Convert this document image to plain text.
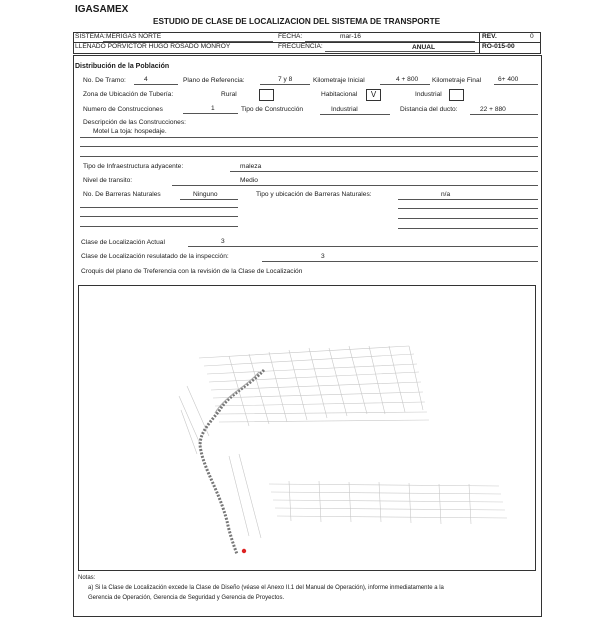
IGASAMEX
ESTUDIO DE CLASE DE LOCALIZACION DEL SISTEMA DE TRANSPORTE
SISTEMA: MERIGAS NORTE	FECHA:	mar-16	REV.	0
LLENADO POR:
VICTOR HUGO ROSADO MONROY	FRECUENCIA:	ANUAL	RO-015-00
Distribución de la Población
No. De Tramo:	4	Plano de Referencia:	7 y 8	Kilometraje Inicial	4 + 800 Kilometraje Final	6+ 400
Zona de Ubicación de Tubería:	Rural	Habitacional	V	Industrial
Numero de Construcciones	1	Tipo de Construcción	Industrial	Distancia del ducto:	22 + 880
Descripción de las Construcciones:
Motel La toja: hospedaje.
Tipo de Infraestructura adyacente:	maleza
Nivel de transito:	Medio
No. De Barreras Naturales	Ninguno	Tipo y ubicación de Barreras Naturales:	n/a
Clase de Localización Actual	3
Clase de Localización resulatado de la inspección:	3
Croquis del plano de Treferencia con la revisión de la Clase de Localización
Notas:
a) Si la Clase de Localización excede la Clase de Diseño (véase el Anexo II.1 del Manual de Operación), informe inmediatamente a la
Gerencia de Operación, Gerencia de Seguridad y Gerencia de Proyectos.
